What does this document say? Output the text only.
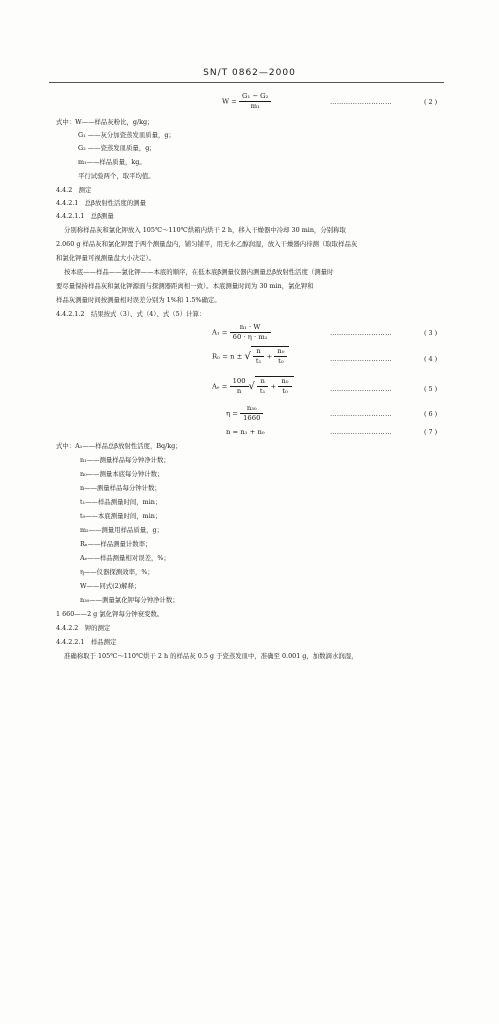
SN/T 0862—2000
$W = \frac{\text{G₁ − G₂}}{\text{m₁}}$	………………………	( 2 )
式中：W——样品灰粉比，g/kg；
G₁ ——灰分加瓷蒸发皿质量，g；
G₂ ——瓷蒸发皿质量，g；
m₁——样品质量，kg。
平行试验两个，取平均值。
4.4.2　测定
4.4.2.1　总β放射性活度的测量
4.4.2.1.1　总β测量
分别称样品灰和氯化钾放入 105℃～110℃烘箱内烘干 2 h，移入干燥器中冷却 30 min，分别称取
2.060 g 样品灰和氯化钾置于两个测量盘内，铺匀铺平，用无水乙醇润湿，放入干燥器内待测（取取样品灰
和氯化钾量可视测量盘大小决定）。
按本底——样品——氯化钾——本底的顺序，在低本底β测量仪器内测量总β放射性活度（测量时
要尽量保持样品灰和氯化钾源面与探测器距离相一致）。本底测量时间为 30 min，氯化钾和
样品灰测量时间按测量相对误差分别为 1%和 1.5%确定。
4.4.2.1.2　结果按式（3）、式（4）、式（5）计算：
$A_1 = \frac{\text{n₁ · W}}{\text{60 · η · m₂}}$	………………………	( 3 )
Rₙ = n ± √ $\frac{n}{\text{t₁}} + \frac{\text{n₀}}{\text{t₀}}$	………………………	( 4 )
$A_e = \frac{100}{n}$ √ $\frac{n}{\text{t₁}} + \frac{\text{n₀}}{\text{t₀}}$	………………………	( 5 )
$\eta = \frac{\text{n₃₀}}{1660}$	………………………	( 6 )
n = n₁ + n₀	………………………	( 7 )
式中：A₁——样品总β放射性活度，Bq/kg；
n₁——测量样品每分钟净计数；
n₀——测量本底每分钟计数；
n——测量样品每分钟计数；
t₁——样品测量时间，min；
t₀——本底测量时间，min；
m₂——测量用样品质量，g；
Rₙ——样品测量计数率；
Aₑ——样品测量相对误差，%；
η——仪器探测效率，%；
W——同式(2)解释；
n₃₀——测量氯化钾每分钟净计数；
1 660——2 g 氯化钾每分钟衰变数。
4.4.2.2　钾的测定
4.4.2.2.1　样品测定
准确称取于 105℃～110℃烘干 2 h 的样品灰 0.5 g 于瓷蒸发皿中，准确至 0.001 g，加数滴水润湿，
